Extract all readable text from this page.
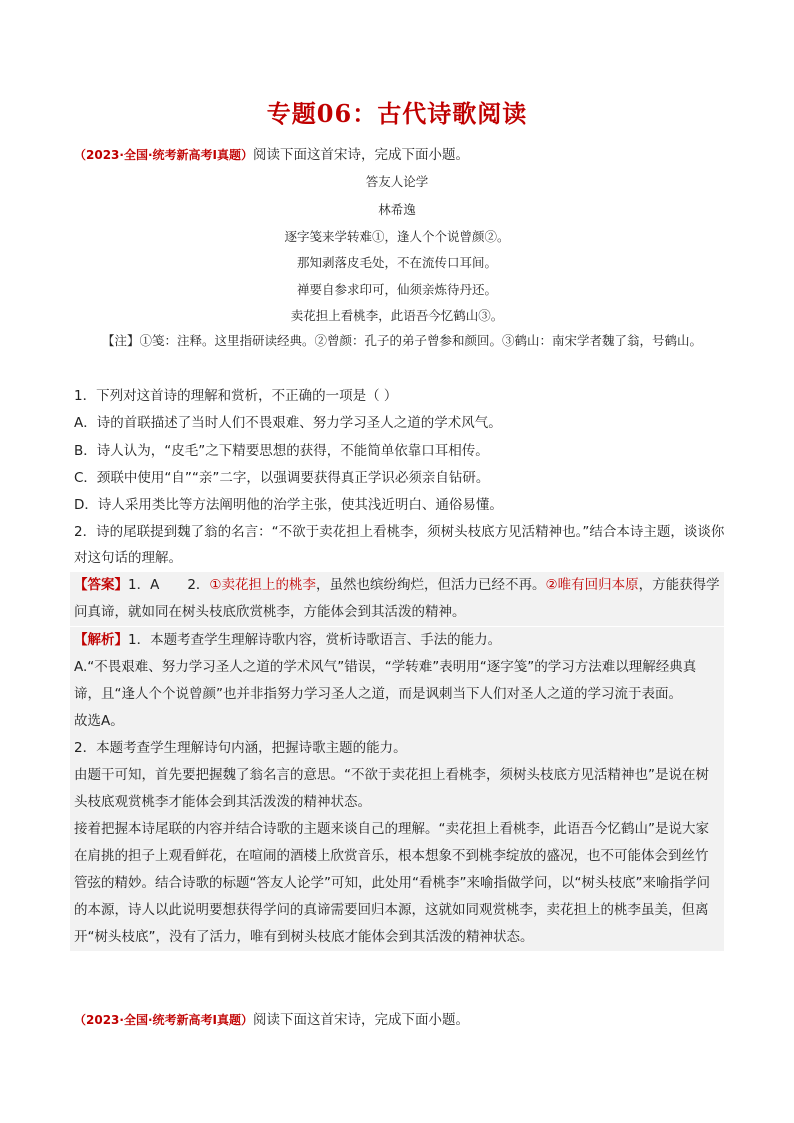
专题06：古代诗歌阅读
（2023·全国·统考新高考Ⅰ真题）阅读下面这首宋诗，完成下面小题。
答友人论学
林希逸
逐字笺来学转难①，逢人个个说曾颜②。
那知剥落皮毛处，不在流传口耳间。
禅要自参求印可，仙须亲炼待丹还。
卖花担上看桃李，此语吾今忆鹤山③。
【注】①笺：注释。这里指研读经典。②曾颜：孔子的弟子曾参和颜回。③鹤山：南宋学者魏了翁，号鹤山。
1．下列对这首诗的理解和赏析，不正确的一项是（ ）
A．诗的首联描述了当时人们不畏艰难、努力学习圣人之道的学术风气。
B．诗人认为，“皮毛”之下精要思想的获得，不能简单依靠口耳相传。
C．颈联中使用“自”“亲”二字，以强调要获得真正学识必须亲自钻研。
D．诗人采用类比等方法阐明他的治学主张，使其浅近明白、通俗易懂。
2．诗的尾联提到魏了翁的名言：“不欲于卖花担上看桃李，须树头枝底方见活精神也。”结合本诗主题，谈谈你对这句话的理解。
【答案】1．A 2．①卖花担上的桃李，虽然也缤纷绚烂，但活力已经不再。②唯有回归本原，方能获得学问真谛，就如同在树头枝底欣赏桃李，方能体会到其活泼的精神。
【解析】1．本题考查学生理解诗歌内容，赏析诗歌语言、手法的能力。
A.“不畏艰难、努力学习圣人之道的学术风气”错误，“学转难”表明用“逐字笺”的学习方法难以理解经典真谛，且“逢人个个说曾颜”也并非指努力学习圣人之道，而是讽刺当下人们对圣人之道的学习流于表面。
故选A。
2．本题考查学生理解诗句内涵，把握诗歌主题的能力。
由题干可知，首先要把握魏了翁名言的意思。“不欲于卖花担上看桃李，须树头枝底方见活精神也”是说在树头枝底观赏桃李才能体会到其活泼泼的精神状态。
接着把握本诗尾联的内容并结合诗歌的主题来谈自己的理解。“卖花担上看桃李，此语吾今忆鹤山”是说大家在肩挑的担子上观看鲜花，在喧闹的酒楼上欣赏音乐，根本想象不到桃李绽放的盛况，也不可能体会到丝竹管弦的精妙。结合诗歌的标题“答友人论学”可知，此处用“看桃李”来喻指做学问，以“树头枝底”来喻指学问的本源，诗人以此说明要想获得学问的真谛需要回归本源，这就如同观赏桃李，卖花担上的桃李虽美，但离开“树头枝底”，没有了活力，唯有到树头枝底才能体会到其活泼的精神状态。
（2023·全国·统考新高考Ⅰ真题）阅读下面这首宋诗，完成下面小题。
